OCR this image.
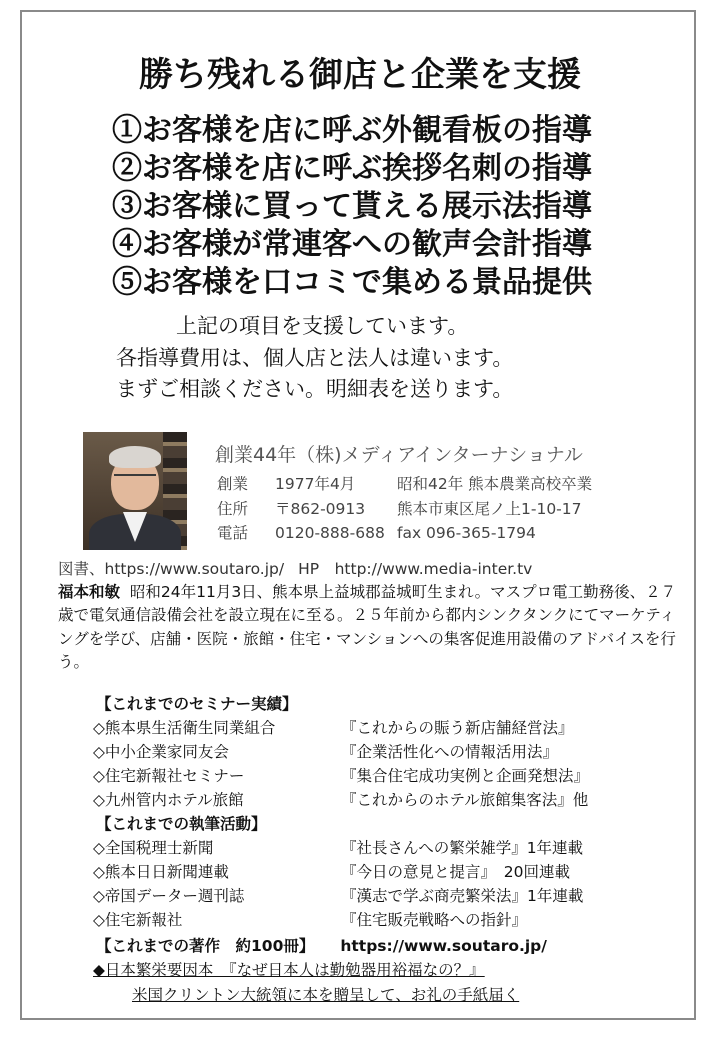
勝ち残れる御店と企業を支援
①お客様を店に呼ぶ外観看板の指導
②お客様を店に呼ぶ挨拶名刺の指導
③お客様に買って貰える展示法指導
④お客様が常連客への歓声会計指導
⑤お客様を口コミで集める景品提供
上記の項目を支援しています。
各指導費用は、個人店と法人は違います。
まずご相談ください。明細表を送ります。
創業44年（株)メディアインターナショナル
創業 1977年4月	昭和42年 熊本農業高校卒業
住所 〒862-0913 熊本市東区尾ノ上1-10-17
電話 0120-888-688 fax 096-365-1794
図書、https://www.soutaro.jp/ HP　http://www.media-inter.tv
福本和敏 昭和24年11月3日、熊本県上益城郡益城町生まれ。マスプロ電工勤務後、２７歳で電気通信設備会社を設立現在に至る。２５年前から都内シンクタンクにてマーケティングを学び、店舗・医院・旅館・住宅・マンションへの集客促進用設備のアドバイスを行う。
【これまでのセミナー実績】
◇熊本県生活衛生同業組合	『これからの賑う新店舗経営法』
◇中小企業家同友会	『企業活性化への情報活用法』
◇住宅新報社セミナー	『集合住宅成功実例と企画発想法』
◇九州管内ホテル旅館	『これからのホテル旅館集客法』他
【これまでの執筆活動】
◇全国税理士新聞	『社長さんへの繁栄雑学』1年連載
◇熊本日日新聞連載	『今日の意見と提言』　20回連載
◇帝国データー週刊誌	『漢志で学ぶ商売繁栄法』1年連載
◇住宅新報社	『住宅販売戦略への指針』
【これまでの著作　約100冊】 https://www.soutaro.jp/
◆日本繁栄要因本　『なぜ日本人は勤勉器用裕福なの？』
米国クリントン大統領に本を贈呈して、お礼の手紙届く
